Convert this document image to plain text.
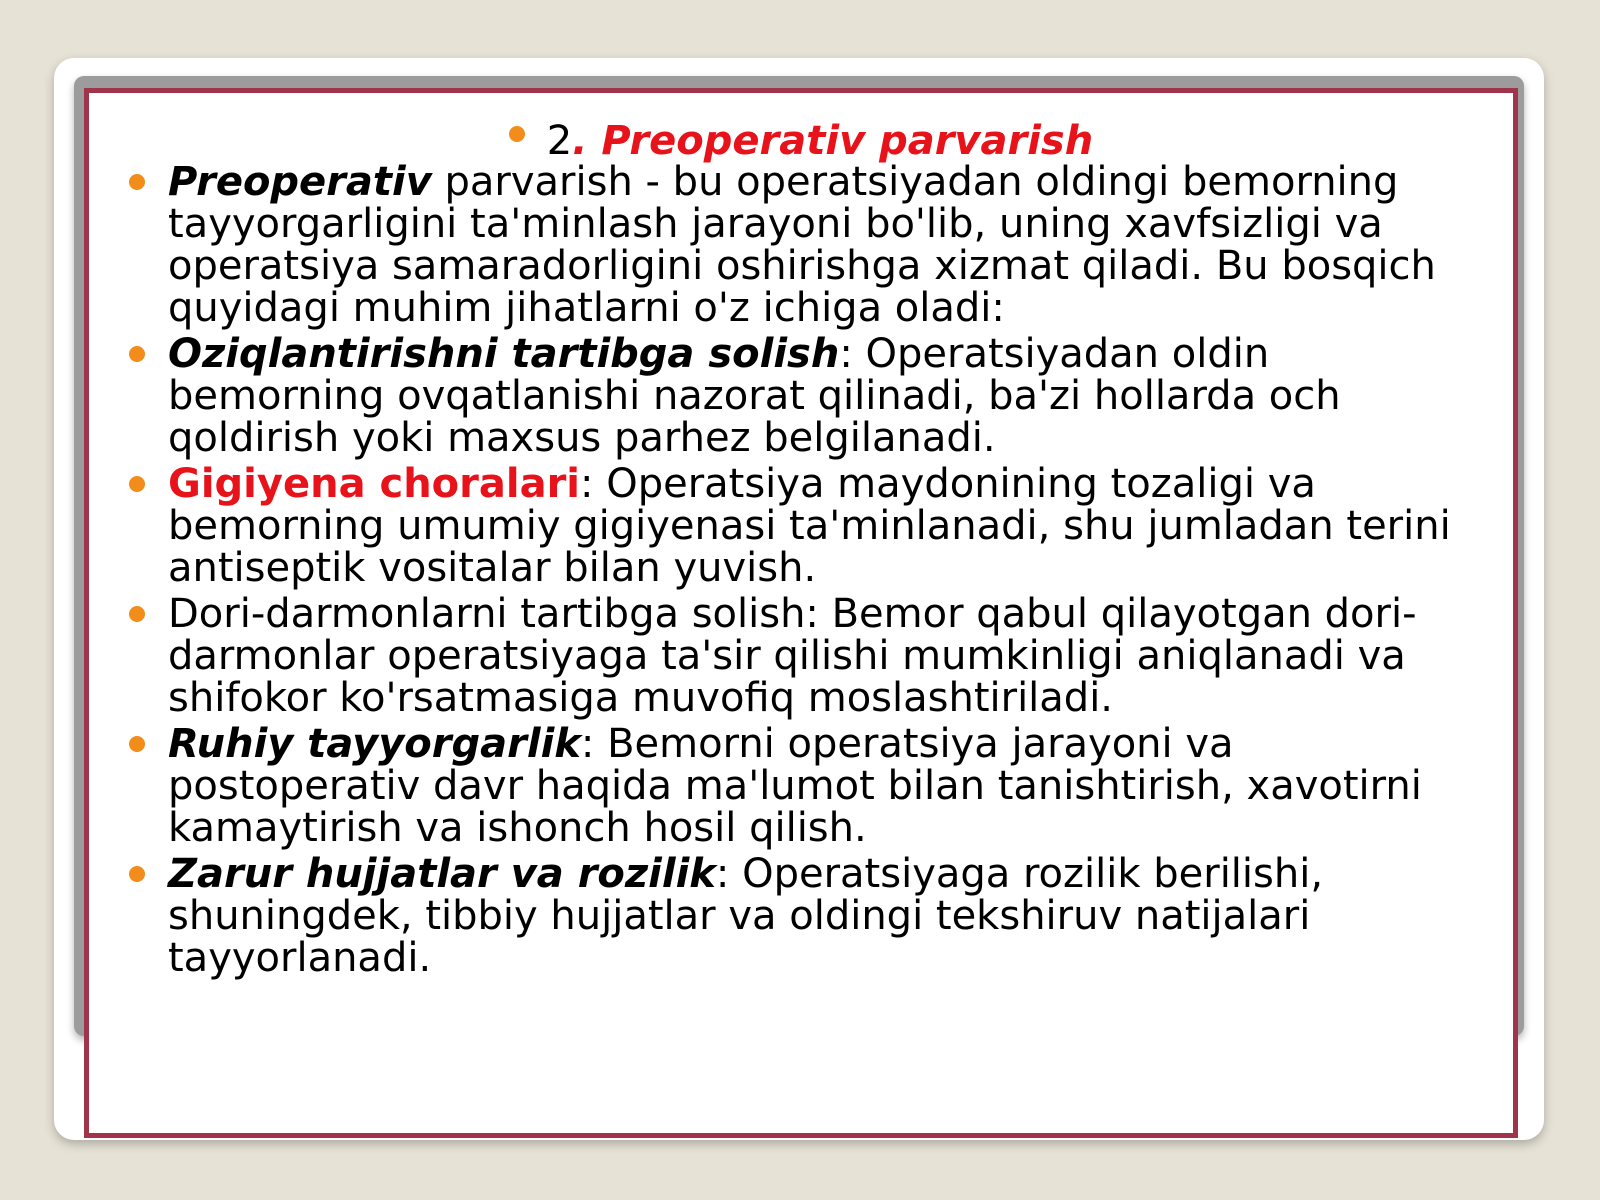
2. Preoperativ parvarish
Preoperativ parvarish - bu operatsiyadan oldingi bemorning tayyorgarligini ta'minlash jarayoni bo'lib, uning xavfsizligi va operatsiya samaradorligini oshirishga xizmat qiladi. Bu bosqich quyidagi muhim jihatlarni o'z ichiga oladi:
Oziqlantirishni tartibga solish: Operatsiyadan oldin bemorning ovqatlanishi nazorat qilinadi, ba'zi hollarda och qoldirish yoki maxsus parhez belgilanadi.
Gigiyena choralari: Operatsiya maydonining tozaligi va bemorning umumiy gigiyenasi ta'minlanadi, shu jumladan terini antiseptik vositalar bilan yuvish.
Dori-darmonlarni tartibga solish: Bemor qabul qilayotgan dori-darmonlar operatsiyaga ta'sir qilishi mumkinligi aniqlanadi va shifokor ko'rsatmasiga muvofiq moslashtiriladi.
Ruhiy tayyorgarlik: Bemorni operatsiya jarayoni va postoperativ davr haqida ma'lumot bilan tanishtirish, xavotirni kamaytirish va ishonch hosil qilish.
Zarur hujjatlar va rozilik: Operatsiyaga rozilik berilishi, shuningdek, tibbiy hujjatlar va oldingi tekshiruv natijalari tayyorlanadi.
